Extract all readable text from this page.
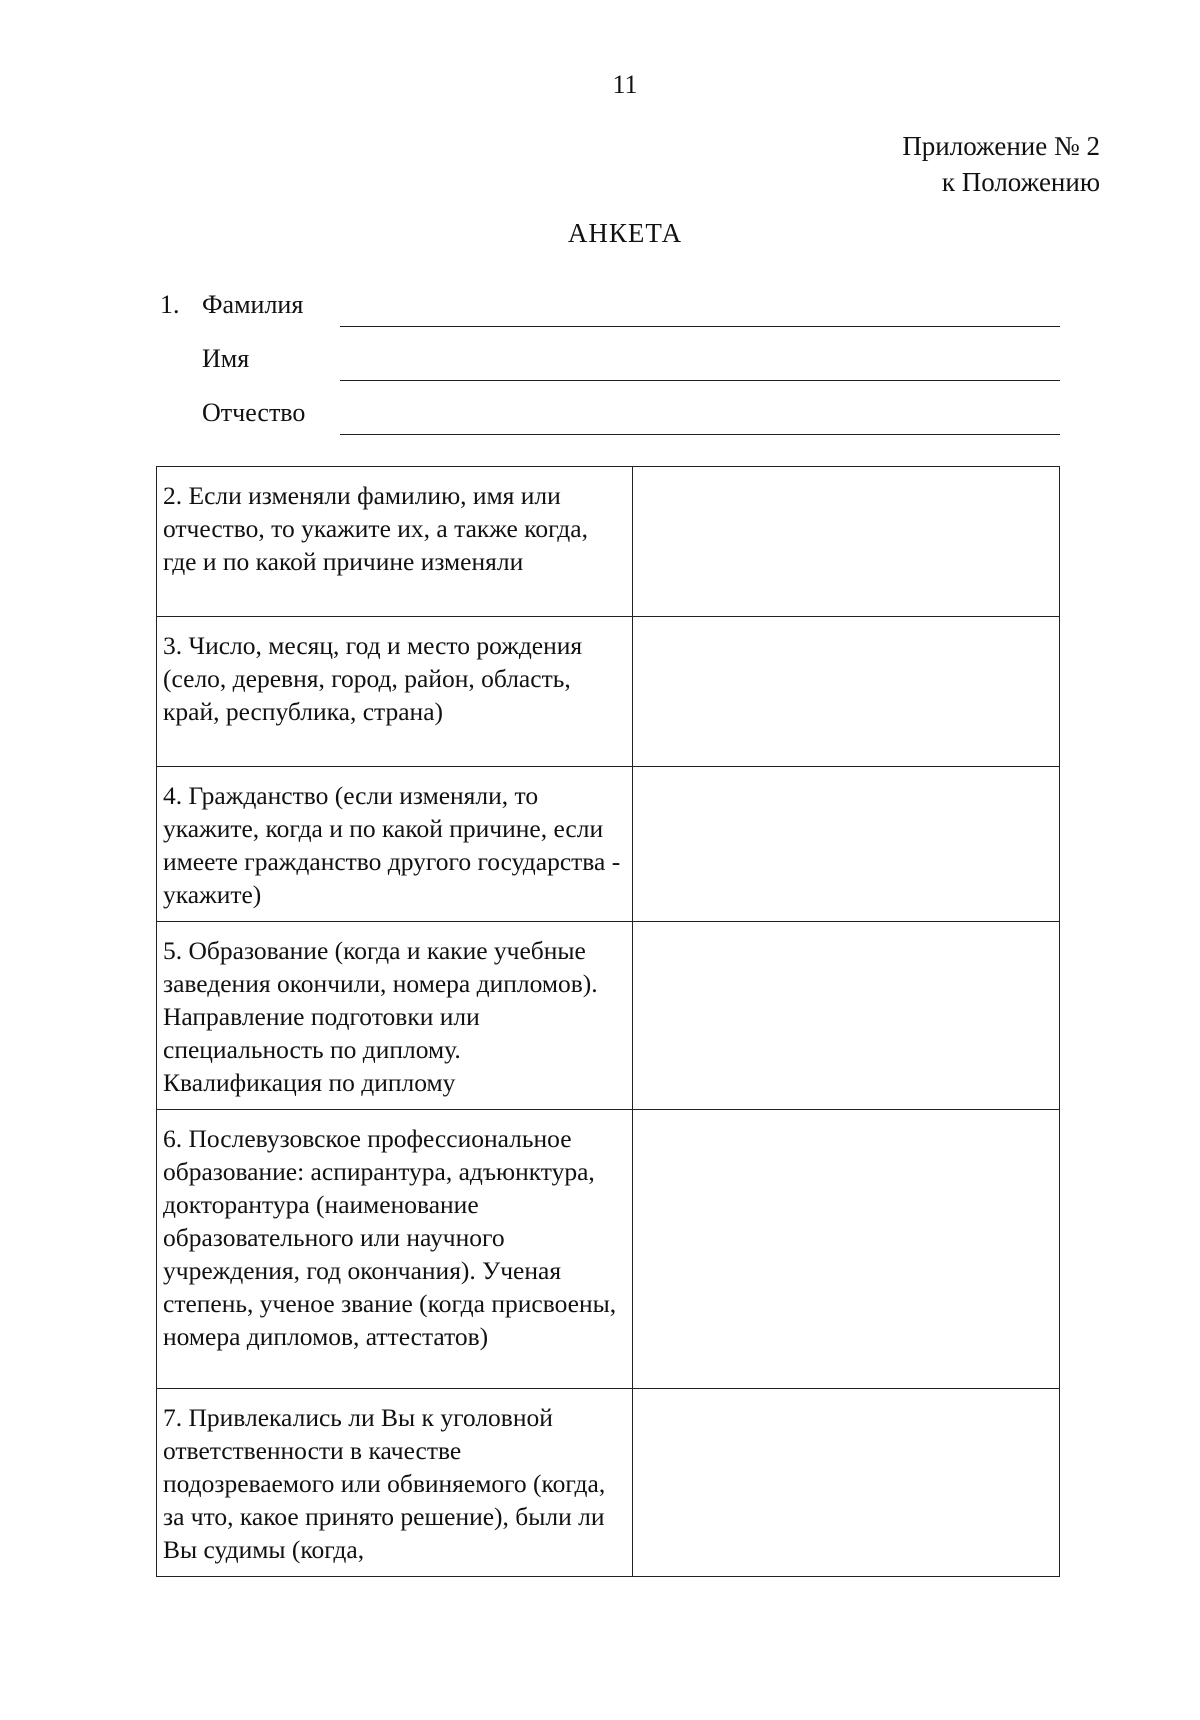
11
Приложение № 2
к Положению
АНКЕТА
1. Фамилия
Имя
Отчество
2. Если изменяли фамилию, имя или отчество, то укажите их, а также когда, где и по какой причине изменяли	
3. Число, месяц, год и место рождения (село, деревня, город, район, область, край, республика, страна)	
4. Гражданство (если изменяли, то укажите, когда и по какой причине, если имеете гражданство другого государства - укажите)	
5. Образование (когда и какие учебные заведения окончили, номера дипломов). Направление подготовки или специальность по диплому. Квалификация по диплому	
6. Послевузовское профессиональное образование: аспирантура, адъюнктура, докторантура (наименование образовательного или научного учреждения, год окончания). Ученая степень, ученое звание (когда присвоены, номера дипломов, аттестатов)	
7. Привлекались ли Вы к уголовной ответственности в качестве подозреваемого или обвиняемого (когда, за что, какое принято решение), были ли Вы судимы (когда,	
